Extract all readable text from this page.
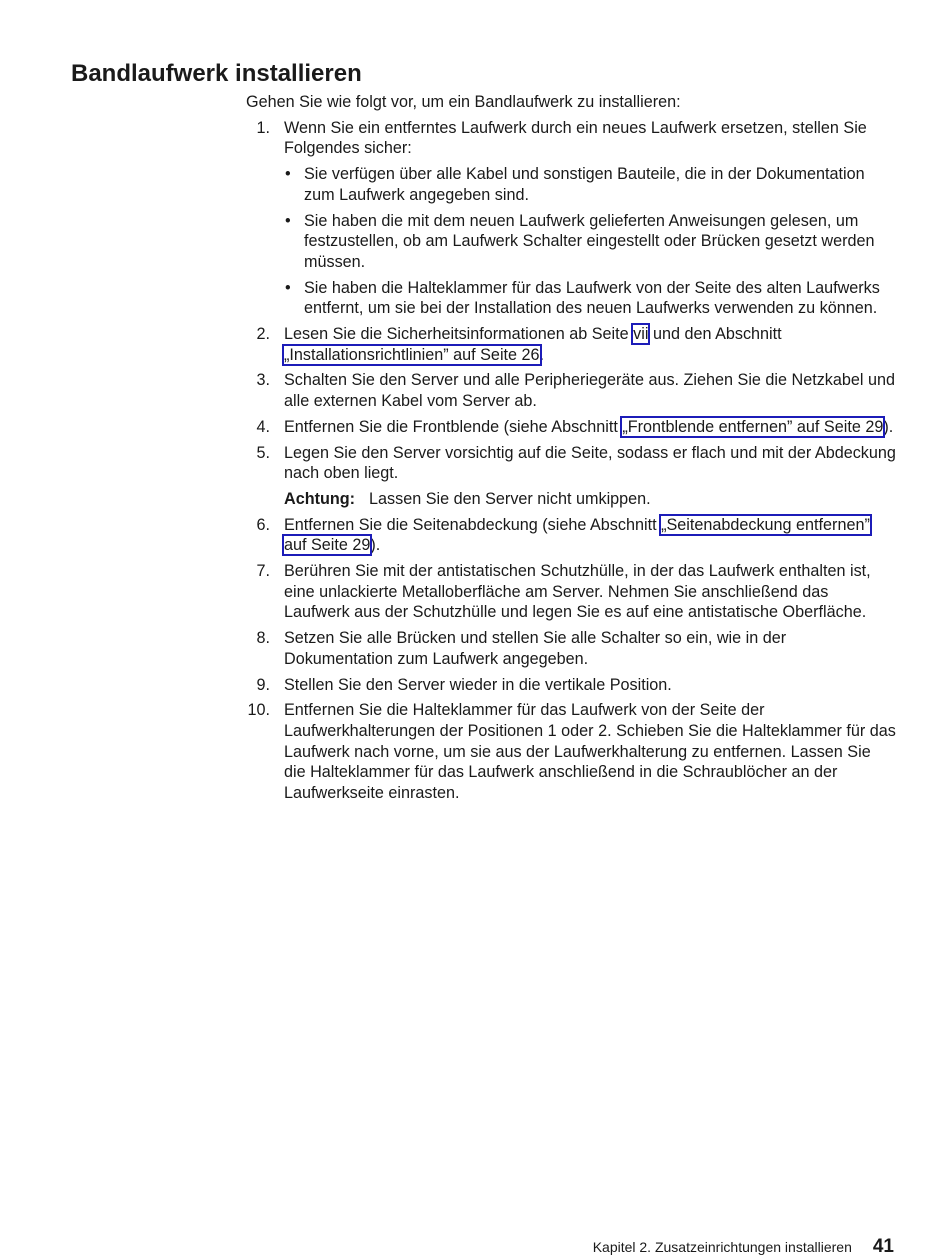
Bandlaufwerk installieren

Gehen Sie wie folgt vor, um ein Bandlaufwerk zu installieren:

1. Wenn Sie ein entferntes Laufwerk durch ein neues Laufwerk ersetzen, stellen Sie Folgendes sicher:
• Sie verfügen über alle Kabel und sonstigen Bauteile, die in der Dokumentation zum Laufwerk angegeben sind.
• Sie haben die mit dem neuen Laufwerk gelieferten Anweisungen gelesen, um festzustellen, ob am Laufwerk Schalter eingestellt oder Brücken gesetzt werden müssen.
• Sie haben die Halteklammer für das Laufwerk von der Seite des alten Laufwerks entfernt, um sie bei der Installation des neuen Laufwerks verwenden zu können.
2. Lesen Sie die Sicherheitsinformationen ab Seite vii und den Abschnitt „Installationsrichtlinien” auf Seite 26.
3. Schalten Sie den Server und alle Peripheriegeräte aus. Ziehen Sie die Netzkabel und alle externen Kabel vom Server ab.
4. Entfernen Sie die Frontblende (siehe Abschnitt „Frontblende entfernen” auf Seite 29).
5. Legen Sie den Server vorsichtig auf die Seite, sodass er flach und mit der Abdeckung nach oben liegt.
Achtung: Lassen Sie den Server nicht umkippen.
6. Entfernen Sie die Seitenabdeckung (siehe Abschnitt „Seitenabdeckung entfernen” auf Seite 29).
7. Berühren Sie mit der antistatischen Schutzhülle, in der das Laufwerk enthalten ist, eine unlackierte Metalloberfläche am Server. Nehmen Sie anschließend das Laufwerk aus der Schutzhülle und legen Sie es auf eine antistatische Oberfläche.
8. Setzen Sie alle Brücken und stellen Sie alle Schalter so ein, wie in der Dokumentation zum Laufwerk angegeben.
9. Stellen Sie den Server wieder in die vertikale Position.
10. Entfernen Sie die Halteklammer für das Laufwerk von der Seite der Laufwerkhalterungen der Positionen 1 oder 2. Schieben Sie die Halteklammer für das Laufwerk nach vorne, um sie aus der Laufwerkhalterung zu entfernen. Lassen Sie die Halteklammer für das Laufwerk anschließend in die Schraublöcher an der Laufwerkseite einrasten.
Kapitel 2. Zusatzeinrichtungen installieren 41
